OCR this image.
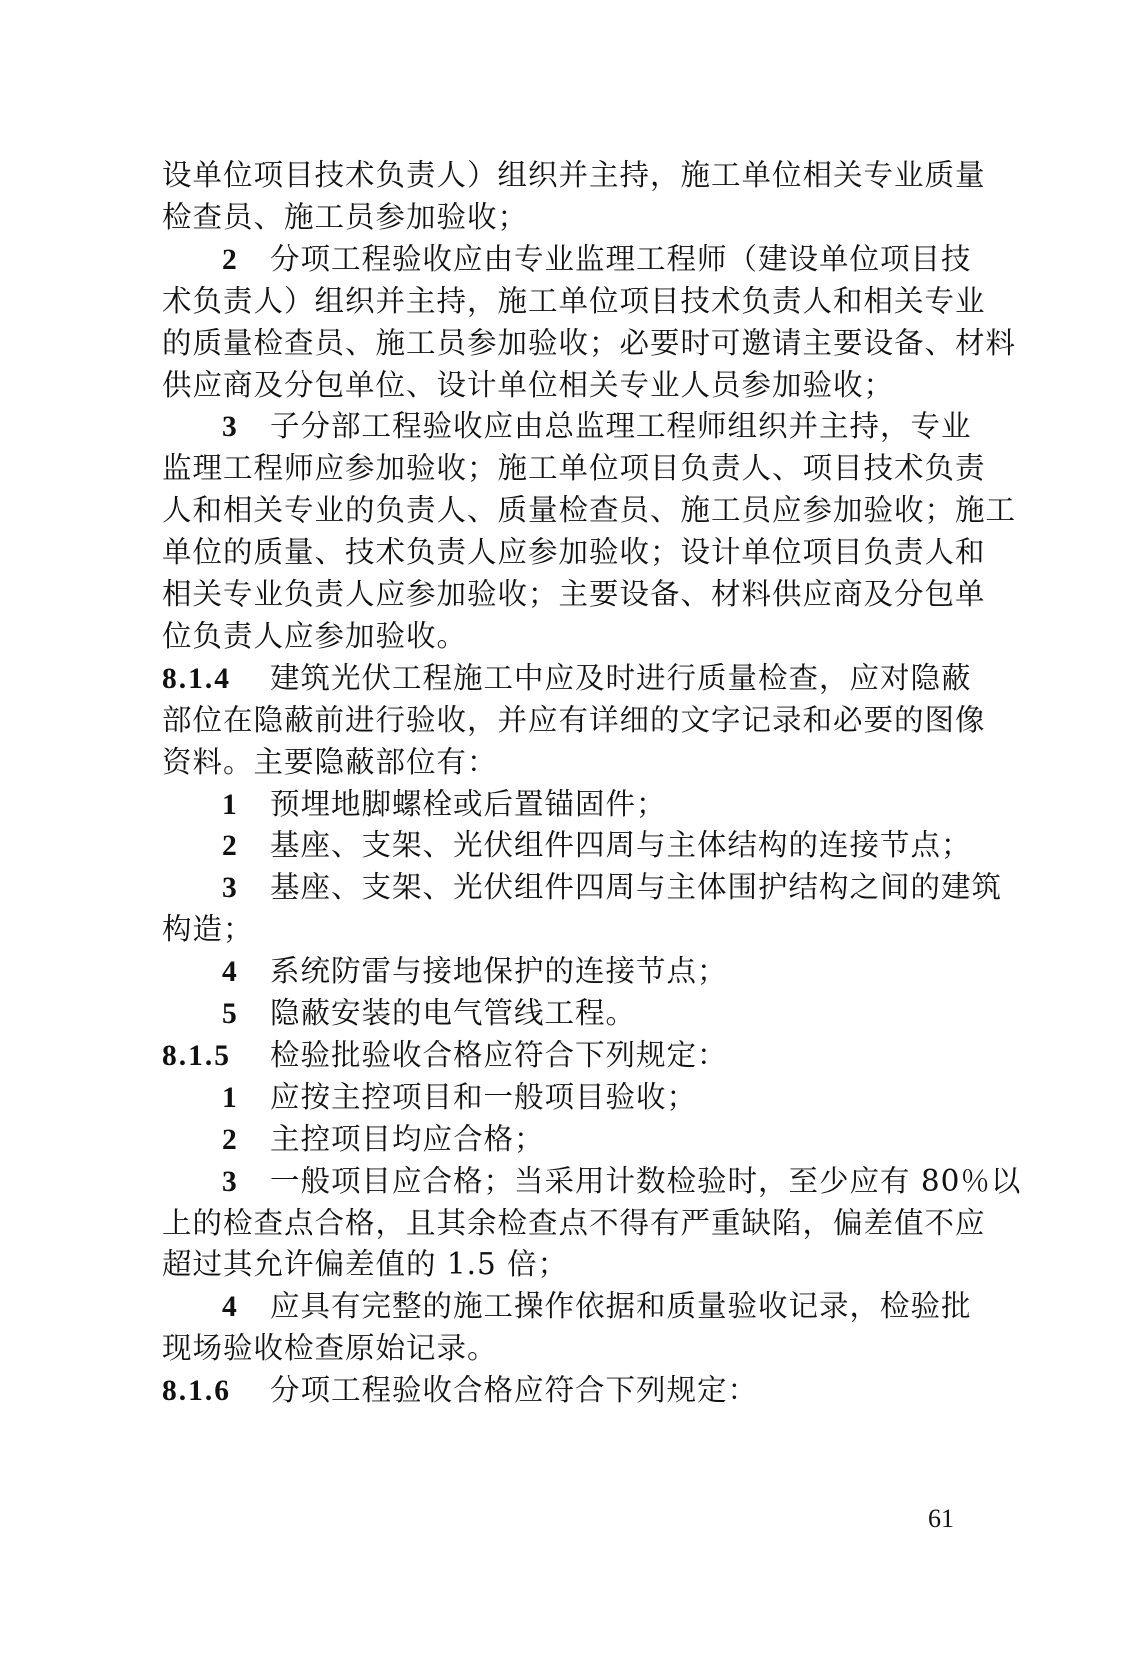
设单位项目技术负责人）组织并主持，施工单位相关专业质量
检查员、施工员参加验收；
2 分项工程验收应由专业监理工程师（建设单位项目技
术负责人）组织并主持，施工单位项目技术负责人和相关专业
的质量检查员、施工员参加验收；必要时可邀请主要设备、材料
供应商及分包单位、设计单位相关专业人员参加验收；
3 子分部工程验收应由总监理工程师组织并主持，专业
监理工程师应参加验收；施工单位项目负责人、项目技术负责
人和相关专业的负责人、质量检查员、施工员应参加验收；施工
单位的质量、技术负责人应参加验收；设计单位项目负责人和
相关专业负责人应参加验收；主要设备、材料供应商及分包单
位负责人应参加验收。
8.1.4 建筑光伏工程施工中应及时进行质量检查，应对隐蔽
部位在隐蔽前进行验收，并应有详细的文字记录和必要的图像
资料。主要隐蔽部位有：
1 预埋地脚螺栓或后置锚固件；
2 基座、支架、光伏组件四周与主体结构的连接节点；
3 基座、支架、光伏组件四周与主体围护结构之间的建筑
构造；
4 系统防雷与接地保护的连接节点；
5 隐蔽安装的电气管线工程。
8.1.5 检验批验收合格应符合下列规定：
1 应按主控项目和一般项目验收；
2 主控项目均应合格；
3 一般项目应合格；当采用计数检验时，至少应有 80％以
上的检查点合格，且其余检查点不得有严重缺陷，偏差值不应
超过其允许偏差值的 1.5 倍；
4 应具有完整的施工操作依据和质量验收记录，检验批
现场验收检查原始记录。
8.1.6 分项工程验收合格应符合下列规定：
61
